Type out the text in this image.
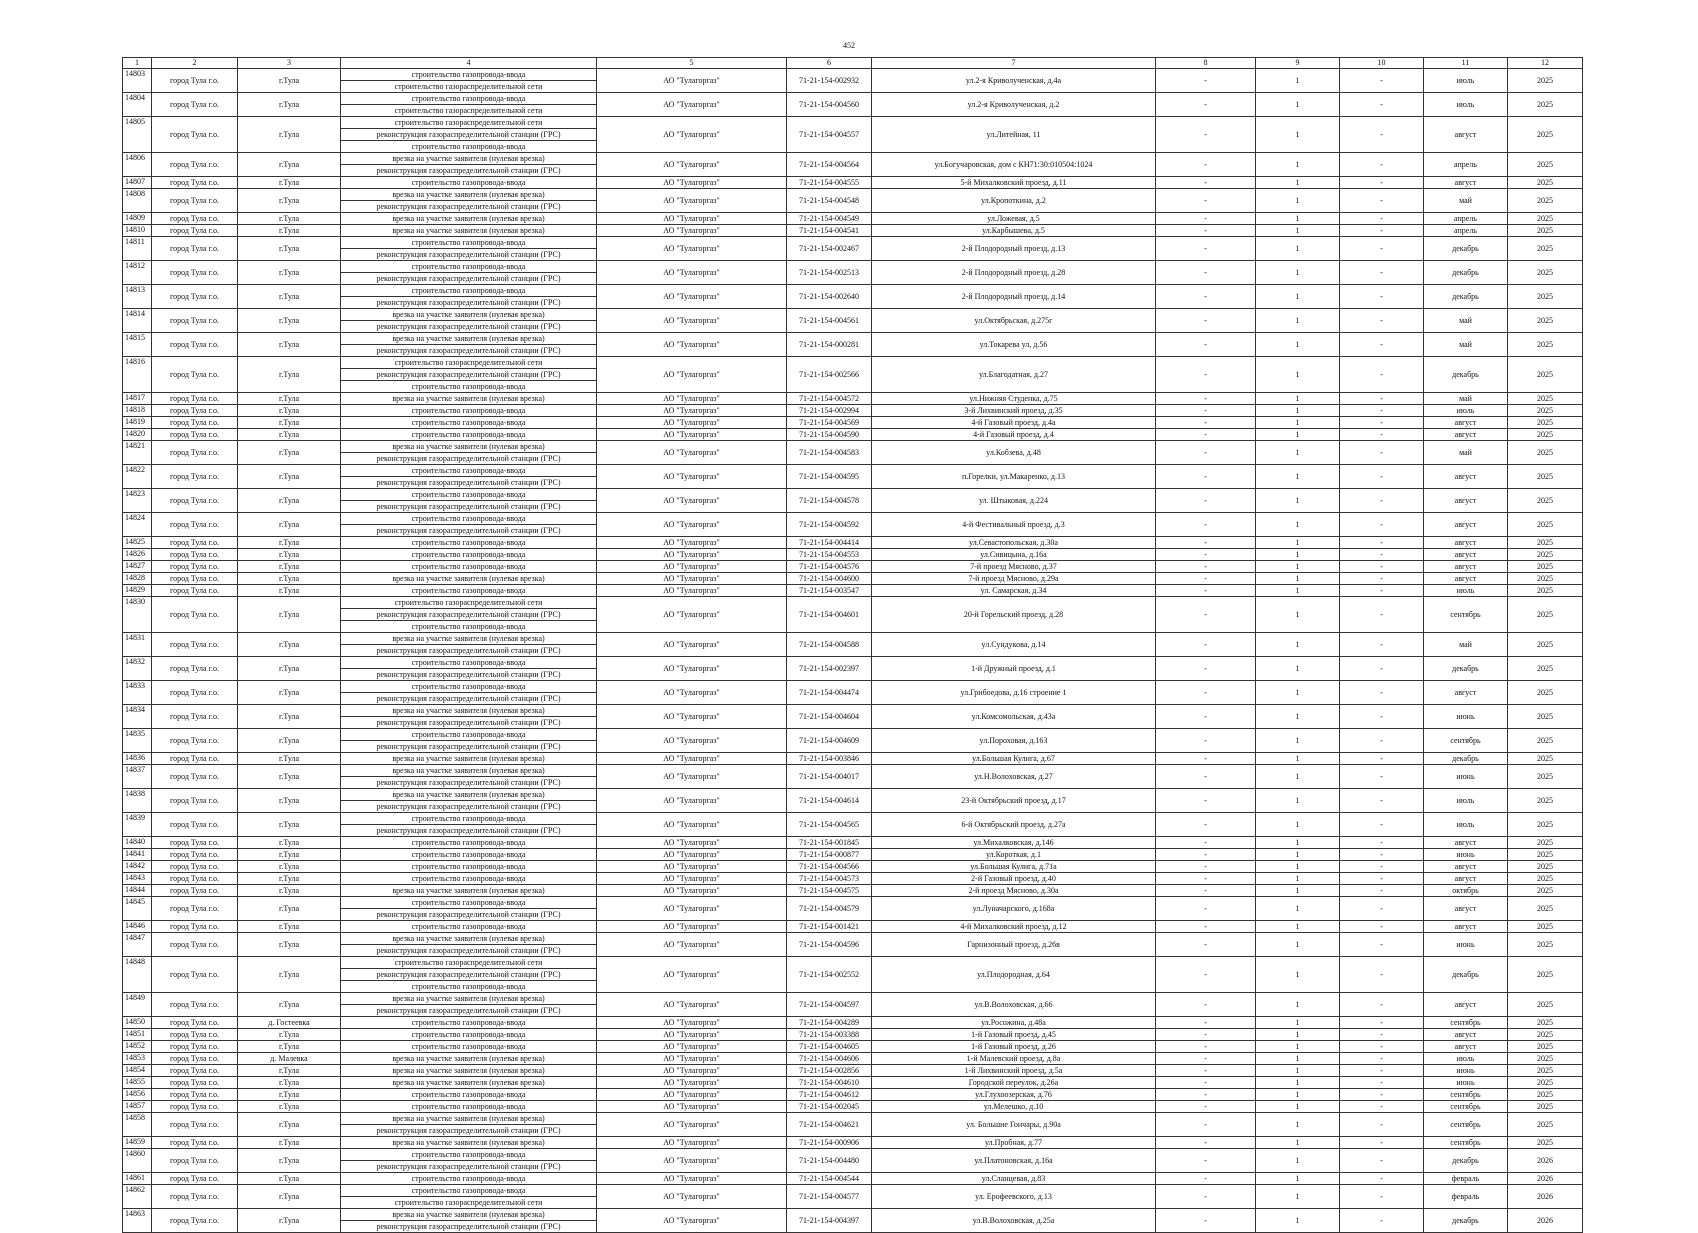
452
1	2	3	4	5	6	7	8	9	10	11	12
14803	город Тула г.о.	г.Тула	строительство газопровода-ввода
строительство газораспределительной сети	АО "Тулагоргаз"	71-21-154-002932	ул.2-я Криволученская, д.4а	-	1	-	июль	2025
14804	город Тула г.о.	г.Тула	строительство газопровода-ввода
строительство газораспределительной сети	АО "Тулагоргаз"	71-21-154-004560	ул.2-я Криволученская, д.2	-	1	-	июль	2025
14805	город Тула г.о.	г.Тула	строительство газораспределительной сети
реконструкция газораспределительной станции (ГРС)
строительство газопровода-ввода	АО "Тулагоргаз"	71-21-154-004557	ул.Литейная, 11	-	1	-	август	2025
14806	город Тула г.о.	г.Тула	врезка на участке заявителя (нулевая врезка)
реконструкция газораспределительной станции (ГРС)	АО "Тулагоргаз"	71-21-154-004564	ул.Богучаровская, дом с КН71:30:010504:1024	-	1	-	апрель	2025
14807	город Тула г.о.	г.Тула	строительство газопровода-ввода	АО "Тулагоргаз"	71-21-154-004555	5-й Михалковский проезд, д.11	-	1	-	август	2025
14808	город Тула г.о.	г.Тула	врезка на участке заявителя (нулевая врезка)
реконструкция газораспределительной станции (ГРС)	АО "Тулагоргаз"	71-21-154-004548	ул.Кропоткина, д.2	-	1	-	май	2025
14809	город Тула г.о.	г.Тула	врезка на участке заявителя (нулевая врезка)	АО "Тулагоргаз"	71-21-154-004549	ул.Ложевая, д.5	-	1	-	апрель	2025
14810	город Тула г.о.	г.Тула	врезка на участке заявителя (нулевая врезка)	АО "Тулагоргаз"	71-21-154-004541	ул.Карбышева, д.5	-	1	-	апрель	2025
14811	город Тула г.о.	г.Тула	строительство газопровода-ввода
реконструкция газораспределительной станции (ГРС)	АО "Тулагоргаз"	71-21-154-002467	2-й Плодородный проезд, д.13	-	1	-	декабрь	2025
14812	город Тула г.о.	г.Тула	строительство газопровода-ввода
реконструкция газораспределительной станции (ГРС)	АО "Тулагоргаз"	71-21-154-002513	2-й Плодородный проезд, д.28	-	1	-	декабрь	2025
14813	город Тула г.о.	г.Тула	строительство газопровода-ввода
реконструкция газораспределительной станции (ГРС)	АО "Тулагоргаз"	71-21-154-002640	2-й Плодородный проезд, д.14	-	1	-	декабрь	2025
14814	город Тула г.о.	г.Тула	врезка на участке заявителя (нулевая врезка)
реконструкция газораспределительной станции (ГРС)	АО "Тулагоргаз"	71-21-154-004561	ул.Октябрьская, д.275г	-	1	-	май	2025
14815	город Тула г.о.	г.Тула	врезка на участке заявителя (нулевая врезка)
реконструкция газораспределительной станции (ГРС)	АО "Тулагоргаз"	71-21-154-000281	ул.Токарева ул, д.56	-	1	-	май	2025
14816	город Тула г.о.	г.Тула	строительство газораспределительной сети
реконструкция газораспределительной станции (ГРС)
строительство газопровода-ввода	АО "Тулагоргаз"	71-21-154-002566	ул.Благодатная, д.27	-	1	-	декабрь	2025
14817	город Тула г.о.	г.Тула	врезка на участке заявителя (нулевая врезка)	АО "Тулагоргаз"	71-21-154-004572	ул.Нижняя Студенка, д.75	-	1	-	май	2025
14818	город Тула г.о.	г.Тула	строительство газопровода-ввода	АО "Тулагоргаз"	71-21-154-002994	3-й Лихвинский проезд, д.35	-	1	-	июль	2025
14819	город Тула г.о.	г.Тула	строительство газопровода-ввода	АО "Тулагоргаз"	71-21-154-004569	4-й Газовый проезд, д.4а	-	1	-	август	2025
14820	город Тула г.о.	г.Тула	строительство газопровода-ввода	АО "Тулагоргаз"	71-21-154-004590	4-й Газовый проезд, д.4	-	1	-	август	2025
14821	город Тула г.о.	г.Тула	врезка на участке заявителя (нулевая врезка)
реконструкция газораспределительной станции (ГРС)	АО "Тулагоргаз"	71-21-154-004583	ул.Кобзева, д.48	-	1	-	май	2025
14822	город Тула г.о.	г.Тула	строительство газопровода-ввода
реконструкция газораспределительной станции (ГРС)	АО "Тулагоргаз"	71-21-154-004595	п.Горелки, ул.Макаренко, д.13	-	1	-	август	2025
14823	город Тула г.о.	г.Тула	строительство газопровода-ввода
реконструкция газораспределительной станции (ГРС)	АО "Тулагоргаз"	71-21-154-004578	ул. Штыковая, д.224	-	1	-	август	2025
14824	город Тула г.о.	г.Тула	строительство газопровода-ввода
реконструкция газораспределительной станции (ГРС)	АО "Тулагоргаз"	71-21-154-004592	4-й Фестивальный проезд, д.3	-	1	-	август	2025
14825	город Тула г.о.	г.Тула	строительство газопровода-ввода	АО "Тулагоргаз"	71-21-154-004414	ул.Севастопольская, д.30а	-	1	-	август	2025
14826	город Тула г.о.	г.Тула	строительство газопровода-ввода	АО "Тулагоргаз"	71-21-154-004553	ул.Сивицына, д.16а	-	1	-	август	2025
14827	город Тула г.о.	г.Тула	строительство газопровода-ввода	АО "Тулагоргаз"	71-21-154-004576	7-й проезд Мясново, д.37	-	1	-	август	2025
14828	город Тула г.о.	г.Тула	врезка на участке заявителя (нулевая врезка)	АО "Тулагоргаз"	71-21-154-004600	7-й проезд Мясново, д.29а	-	1	-	август	2025
14829	город Тула г.о.	г.Тула	строительство газопровода-ввода	АО "Тулагоргаз"	71-21-154-003547	ул. Самарская, д.34	-	1	-	июль	2025
14830	город Тула г.о.	г.Тула	строительство газораспределительной сети
реконструкция газораспределительной станции (ГРС)
строительство газопровода-ввода	АО "Тулагоргаз"	71-21-154-004601	20-й Горельский проезд, д.28	-	1	-	сентябрь	2025
14831	город Тула г.о.	г.Тула	врезка на участке заявителя (нулевая врезка)
реконструкция газораспределительной станции (ГРС)	АО "Тулагоргаз"	71-21-154-004588	ул.Сундукова, д.14	-	1	-	май	2025
14832	город Тула г.о.	г.Тула	строительство газопровода-ввода
реконструкция газораспределительной станции (ГРС)	АО "Тулагоргаз"	71-21-154-002397	1-й Дружный проезд, д.1	-	1	-	декабрь	2025
14833	город Тула г.о.	г.Тула	строительство газопровода-ввода
реконструкция газораспределительной станции (ГРС)	АО "Тулагоргаз"	71-21-154-004474	ул.Грибоедова, д.16 строение 1	-	1	-	август	2025
14834	город Тула г.о.	г.Тула	врезка на участке заявителя (нулевая врезка)
реконструкция газораспределительной станции (ГРС)	АО "Тулагоргаз"	71-21-154-004604	ул.Комсомольская, д.43а	-	1	-	июнь	2025
14835	город Тула г.о.	г.Тула	строительство газопровода-ввода
реконструкция газораспределительной станции (ГРС)	АО "Тулагоргаз"	71-21-154-004609	ул.Пороховая, д.163	-	1	-	сентябрь	2025
14836	город Тула г.о.	г.Тула	врезка на участке заявителя (нулевая врезка)	АО "Тулагоргаз"	71-21-154-003846	ул.Большая Кулига, д.67	-	1	-	декабрь	2025
14837	город Тула г.о.	г.Тула	врезка на участке заявителя (нулевая врезка)
реконструкция газораспределительной станции (ГРС)	АО "Тулагоргаз"	71-21-154-004017	ул.Н.Волоховская, д.27	-	1	-	июнь	2025
14838	город Тула г.о.	г.Тула	врезка на участке заявителя (нулевая врезка)
реконструкция газораспределительной станции (ГРС)	АО "Тулагоргаз"	71-21-154-004614	23-й Октябрьский проезд, д.17	-	1	-	июль	2025
14839	город Тула г.о.	г.Тула	строительство газопровода-ввода
реконструкция газораспределительной станции (ГРС)	АО "Тулагоргаз"	71-21-154-004565	6-й Октябрьский проезд, д.27а	-	1	-	июль	2025
14840	город Тула г.о.	г.Тула	строительство газопровода-ввода	АО "Тулагоргаз"	71-21-154-001845	ул.Михалковская, д.146	-	1	-	август	2025
14841	город Тула г.о.	г.Тула	строительство газопровода-ввода	АО "Тулагоргаз"	71-21-154-000877	ул.Короткая, д.1	-	1	-	июнь	2025
14842	город Тула г.о.	г.Тула	строительство газопровода-ввода	АО "Тулагоргаз"	71-21-154-004566	ул.Большая Кулига, д.71а	-	1	-	август	2025
14843	город Тула г.о.	г.Тула	строительство газопровода-ввода	АО "Тулагоргаз"	71-21-154-004573	2-й Газовый проезд, д.40	-	1	-	август	2025
14844	город Тула г.о.	г.Тула	врезка на участке заявителя (нулевая врезка)	АО "Тулагоргаз"	71-21-154-004575	2-й проезд Мясново, д.30а	-	1	-	октябрь	2025
14845	город Тула г.о.	г.Тула	строительство газопровода-ввода
реконструкция газораспределительной станции (ГРС)	АО "Тулагоргаз"	71-21-154-004579	ул.Луначарского, д.168а	-	1	-	август	2025
14846	город Тула г.о.	г.Тула	строительство газопровода-ввода	АО "Тулагоргаз"	71-21-154-001421	4-й Михалковский проезд, д.12	-	1	-	август	2025
14847	город Тула г.о.	г.Тула	врезка на участке заявителя (нулевая врезка)
реконструкция газораспределительной станции (ГРС)	АО "Тулагоргаз"	71-21-154-004596	Гарнизонный проезд, д.26в	-	1	-	июнь	2025
14848	город Тула г.о.	г.Тула	строительство газораспределительной сети
реконструкция газораспределительной станции (ГРС)
строительство газопровода-ввода	АО "Тулагоргаз"	71-21-154-002552	ул.Плодородная, д.64	-	1	-	декабрь	2025
14849	город Тула г.о.	г.Тула	врезка на участке заявителя (нулевая врезка)
реконструкция газораспределительной станции (ГРС)	АО "Тулагоргаз"	71-21-154-004597	ул.В.Волоховская, д.66	-	1	-	август	2025
14850	город Тула г.о.	д. Гостеевка	строительство газопровода-ввода	АО "Тулагоргаз"	71-21-154-004289	ул.Росожина, д.48а	-	1	-	сентябрь	2025
14851	город Тула г.о.	г.Тула	строительство газопровода-ввода	АО "Тулагоргаз"	71-21-154-003388	1-й Газовый проезд, д.45	-	1	-	август	2025
14852	город Тула г.о.	г.Тула	строительство газопровода-ввода	АО "Тулагоргаз"	71-21-154-004605	1-й Газовый проезд, д.26	-	1	-	август	2025
14853	город Тула г.о.	д. Малевка	врезка на участке заявителя (нулевая врезка)	АО "Тулагоргаз"	71-21-154-004606	1-й Малевский проезд, д.8а	-	1	-	июль	2025
14854	город Тула г.о.	г.Тула	врезка на участке заявителя (нулевая врезка)	АО "Тулагоргаз"	71-21-154-002856	1-й Лихвинский проезд, д.5а	-	1	-	июнь	2025
14855	город Тула г.о.	г.Тула	врезка на участке заявителя (нулевая врезка)	АО "Тулагоргаз"	71-21-154-004610	Городской переулок, д.26а	-	1	-	июнь	2025
14856	город Тула г.о.	г.Тула	строительство газопровода-ввода	АО "Тулагоргаз"	71-21-154-004612	ул.Глухоозерская, д.76	-	1	-	сентябрь	2025
14857	город Тула г.о.	г.Тула	строительство газопровода-ввода	АО "Тулагоргаз"	71-21-154-002045	ул.Мелешко, д.10	-	1	-	сентябрь	2025
14858	город Тула г.о.	г.Тула	врезка на участке заявителя (нулевая врезка)
реконструкция газораспределительной станции (ГРС)	АО "Тулагоргаз"	71-21-154-004621	ул. Большие Гончары, д.90а	-	1	-	сентябрь	2025
14859	город Тула г.о.	г.Тула	врезка на участке заявителя (нулевая врезка)	АО "Тулагоргаз"	71-21-154-000906	ул.Пробная, д.77	-	1	-	сентябрь	2025
14860	город Тула г.о.	г.Тула	строительство газопровода-ввода
реконструкция газораспределительной станции (ГРС)	АО "Тулагоргаз"	71-21-154-004480	ул.Платоновская, д.16а	-	1	-	декабрь	2026
14861	город Тула г.о.	г.Тула	строительство газопровода-ввода	АО "Тулагоргаз"	71-21-154-004544	ул.Сланцевая, д.83	-	1	-	февраль	2026
14862	город Тула г.о.	г.Тула	строительство газопровода-ввода
строительство газораспределительной сети	АО "Тулагоргаз"	71-21-154-004577	ул. Ерофеевского, д.13	-	1	-	февраль	2026
14863	город Тула г.о.	г.Тула	врезка на участке заявителя (нулевая врезка)
реконструкция газораспределительной станции (ГРС)	АО "Тулагоргаз"	71-21-154-004397	ул.В.Волоховская, д.25а	-	1	-	декабрь	2026
